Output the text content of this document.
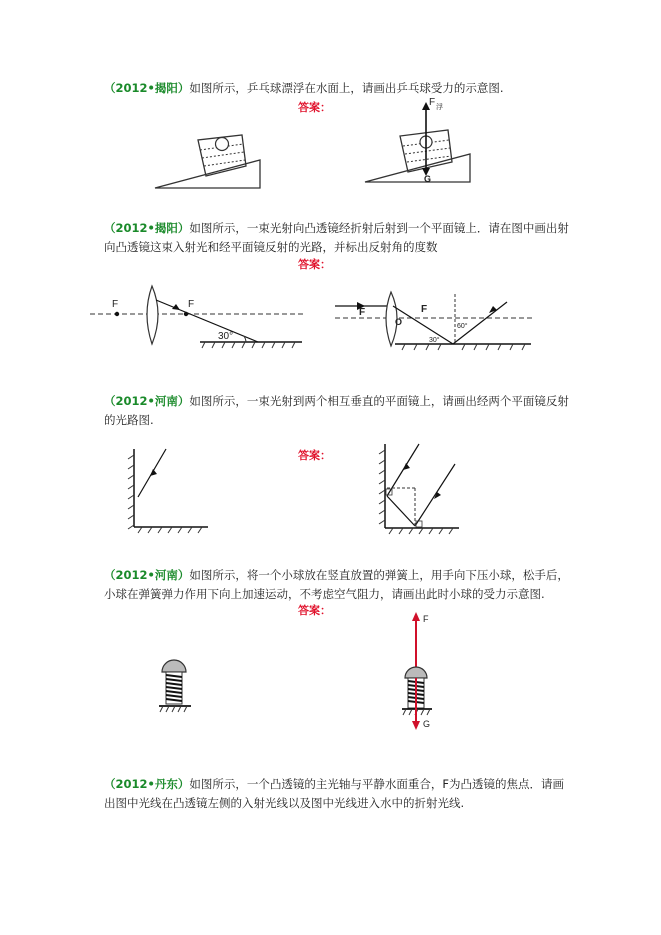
（2012•揭阳）如图所示，乒乓球漂浮在水面上，请画出乒乓球受力的示意图.
答案：	F 浮
G
（2012•揭阳）如图所示，一束光射向凸透镜经折射后射到一个平面镜上．请在图中画出射向凸透镜这束入射光和经平面镜反射的光路，并标出反射角的度数
答案：
F	F
30°
F
O
F
60°
30°
（2012•河南）如图所示，一束光射到两个相互垂直的平面镜上，请画出经两个平面镜反射的光路图.
答案：
（2012•河南）如图所示，将一个小球放在竖直放置的弹簧上，用手向下压小球，松手后，小球在弹簧弹力作用下向上加速运动，不考虑空气阻力，请画出此时小球的受力示意图.
答案：
F
G
（2012•丹东）如图所示，一个凸透镜的主光轴与平静水面重合，F为凸透镜的焦点．请画出图中光线在凸透镜左侧的入射光线以及图中光线进入水中的折射光线.
